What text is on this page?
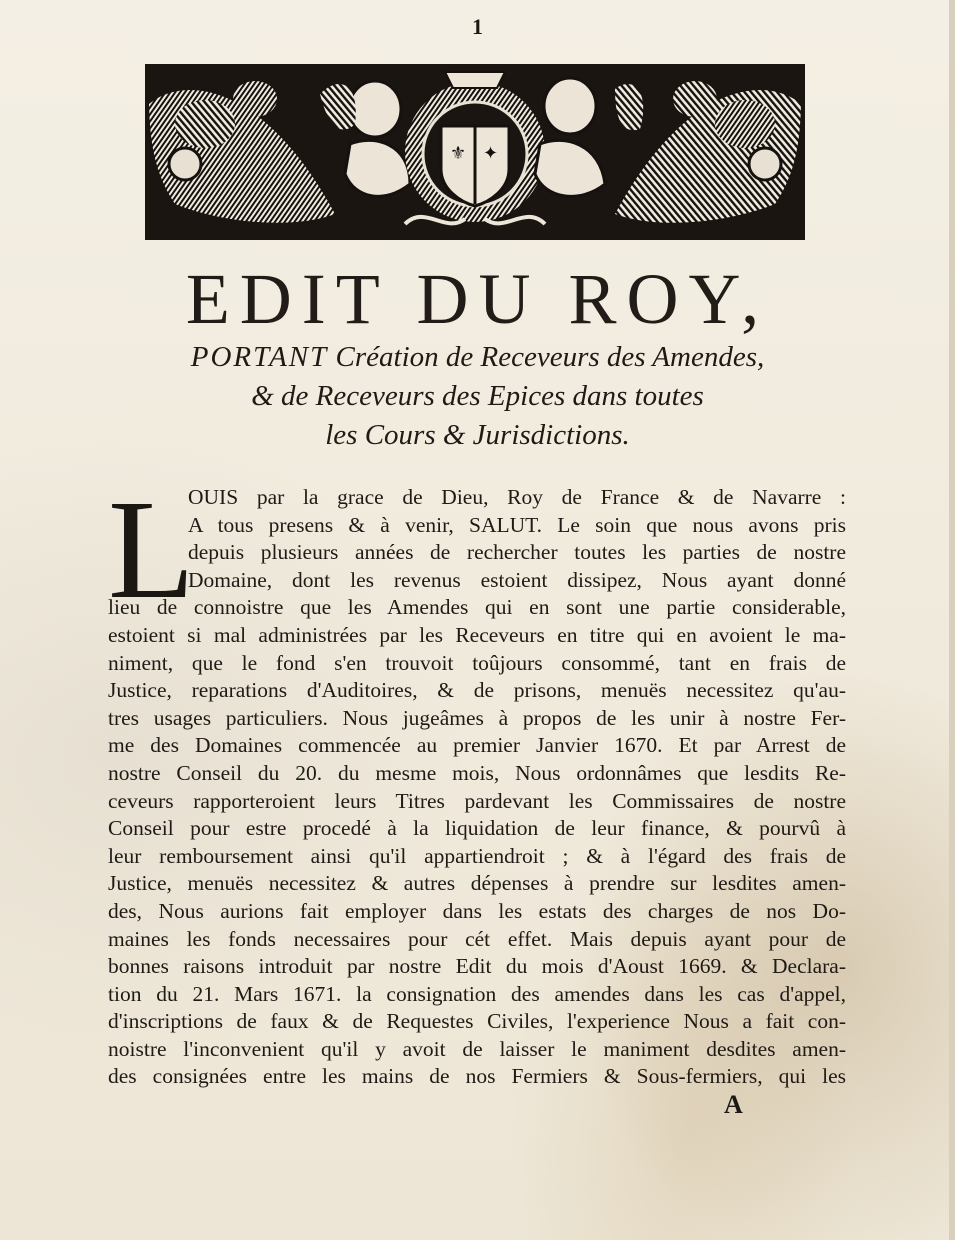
1
⚜ ✦
EDIT DU ROY,
PORTANT Création de Receveurs des Amendes,
& de Receveurs des Epices dans toutes
les Cours & Jurisdictions.
L
OUIS par la grace de Dieu, Roy de France & de Navarre :
A tous presens & à venir, SALUT. Le soin que nous avons pris
depuis plusieurs années de rechercher toutes les parties de nostre
Domaine, dont les revenus estoient dissipez, Nous ayant donné
lieu de connoistre que les Amendes qui en sont une partie considerable,
estoient si mal administrées par les Receveurs en titre qui en avoient le ma-
niment, que le fond s'en trouvoit toûjours consommé, tant en frais de
Justice, reparations d'Auditoires, & de prisons, menuës necessitez qu'au-
tres usages particuliers. Nous jugeâmes à propos de les unir à nostre Fer-
me des Domaines commencée au premier Janvier 1670. Et par Arrest de
nostre Conseil du 20. du mesme mois, Nous ordonnâmes que lesdits Re-
ceveurs rapporteroient leurs Titres pardevant les Commissaires de nostre
Conseil pour estre procedé à la liquidation de leur finance, & pourvû à
leur remboursement ainsi qu'il appartiendroit ; & à l'égard des frais de
Justice, menuës necessitez & autres dépenses à prendre sur lesdites amen-
des, Nous aurions fait employer dans les estats des charges de nos Do-
maines les fonds necessaires pour cét effet. Mais depuis ayant pour de
bonnes raisons introduit par nostre Edit du mois d'Aoust 1669. & Declara-
tion du 21. Mars 1671. la consignation des amendes dans les cas d'appel,
d'inscriptions de faux & de Requestes Civiles, l'experience Nous a fait con-
noistre l'inconvenient qu'il y avoit de laisser le maniment desdites amen-
des consignées entre les mains de nos Fermiers & Sous-fermiers, qui les
A
